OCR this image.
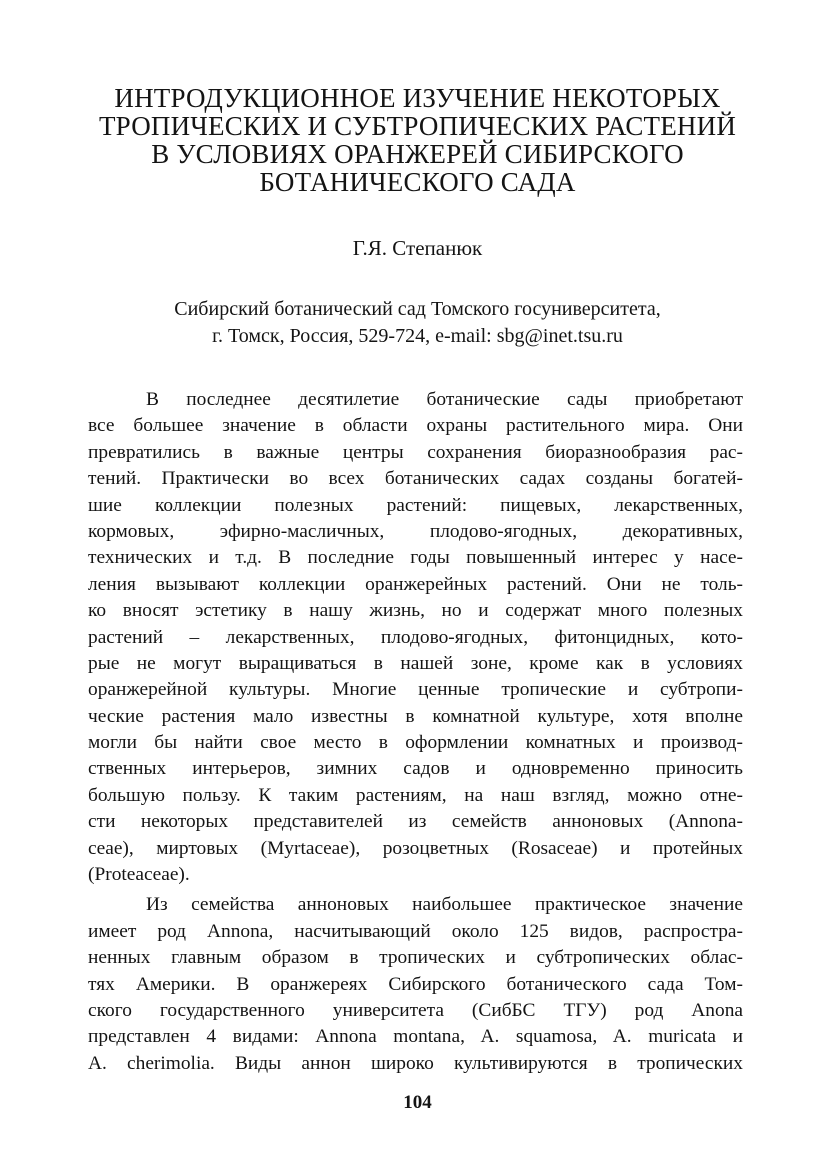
ИНТРОДУКЦИОННОЕ ИЗУЧЕНИЕ НЕКОТОРЫХ
ТРОПИЧЕСКИХ И СУБТРОПИЧЕСКИХ РАСТЕНИЙ
В УСЛОВИЯХ ОРАНЖЕРЕЙ СИБИРСКОГО
БОТАНИЧЕСКОГО САДА
Г.Я. Степанюк
Сибирский ботанический сад Томского госуниверситета,
г. Томск, Россия, 529-724, e-mail: sbg@inet.tsu.ru
В последнее десятилетие ботанические сады приобретают
все большее значение в области охраны растительного мира. Они
превратились в важные центры сохранения биоразнообразия рас-
тений. Практически во всех ботанических садах созданы богатей-
шие коллекции полезных растений: пищевых, лекарственных,
кормовых, эфирно-масличных, плодово-ягодных, декоративных,
технических и т.д. В последние годы повышенный интерес у насе-
ления вызывают коллекции оранжерейных растений. Они не толь-
ко вносят эстетику в нашу жизнь, но и содержат много полезных
растений – лекарственных, плодово-ягодных, фитонцидных, кото-
рые не могут выращиваться в нашей зоне, кроме как в условиях
оранжерейной культуры. Многие ценные тропические и субтропи-
ческие растения мало известны в комнатной культуре, хотя вполне
могли бы найти свое место в оформлении комнатных и производ-
ственных интерьеров, зимних садов и одновременно приносить
большую пользу. К таким растениям, на наш взгляд, можно отне-
сти некоторых представителей из семейств анноновых (Annona-
ceae), миртовых (Myrtaceae), розоцветных (Rosaceae) и протейных
(Proteaceae).
Из семейства анноновых наибольшее практическое значение
имеет род Annona, насчитывающий около 125 видов, распростра-
ненных главным образом в тропических и субтропических облас-
тях Америки. В оранжереях Сибирского ботанического сада Том-
ского государственного университета (СибБС ТГУ) род Anona
представлен 4 видами: Annona montana, A. squamosa, A. muricata и
A. cherimolia. Виды аннон широко культивируются в тропических
104
